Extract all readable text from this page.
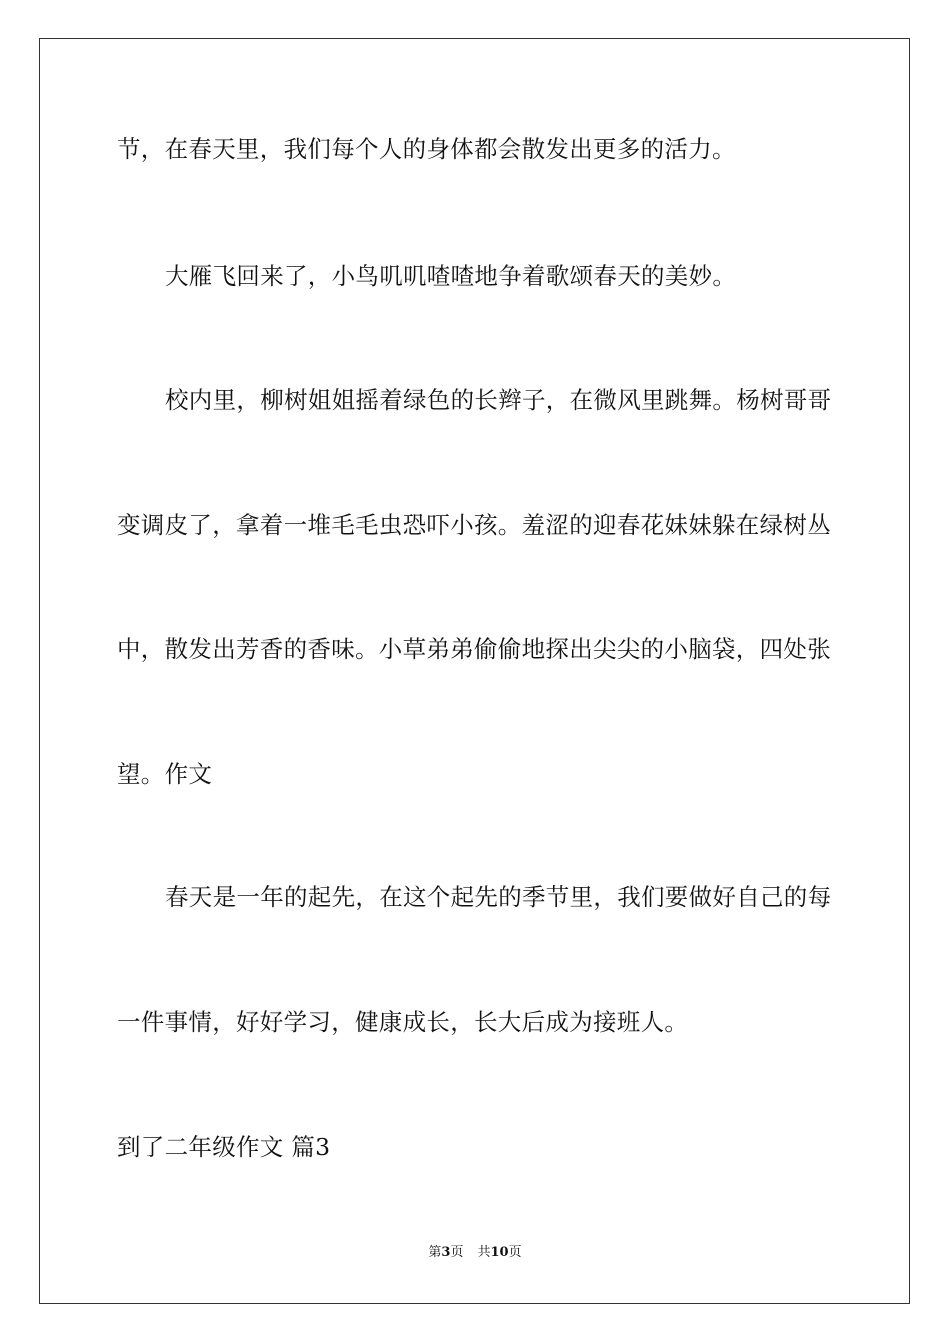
节，在春天里，我们每个人的身体都会散发出更多的活力。
大雁飞回来了，小鸟叽叽喳喳地争着歌颂春天的美妙。
校内里，柳树姐姐摇着绿色的长辫子，在微风里跳舞。杨树哥哥
变调皮了，拿着一堆毛毛虫恐吓小孩。羞涩的迎春花妹妹躲在绿树丛
中，散发出芳香的香味。小草弟弟偷偷地探出尖尖的小脑袋，四处张
望。作文
春天是一年的起先，在这个起先的季节里，我们要做好自己的每
一件事情，好好学习，健康成长，长大后成为接班人。
到了二年级作文 篇3
第3页 共10页
